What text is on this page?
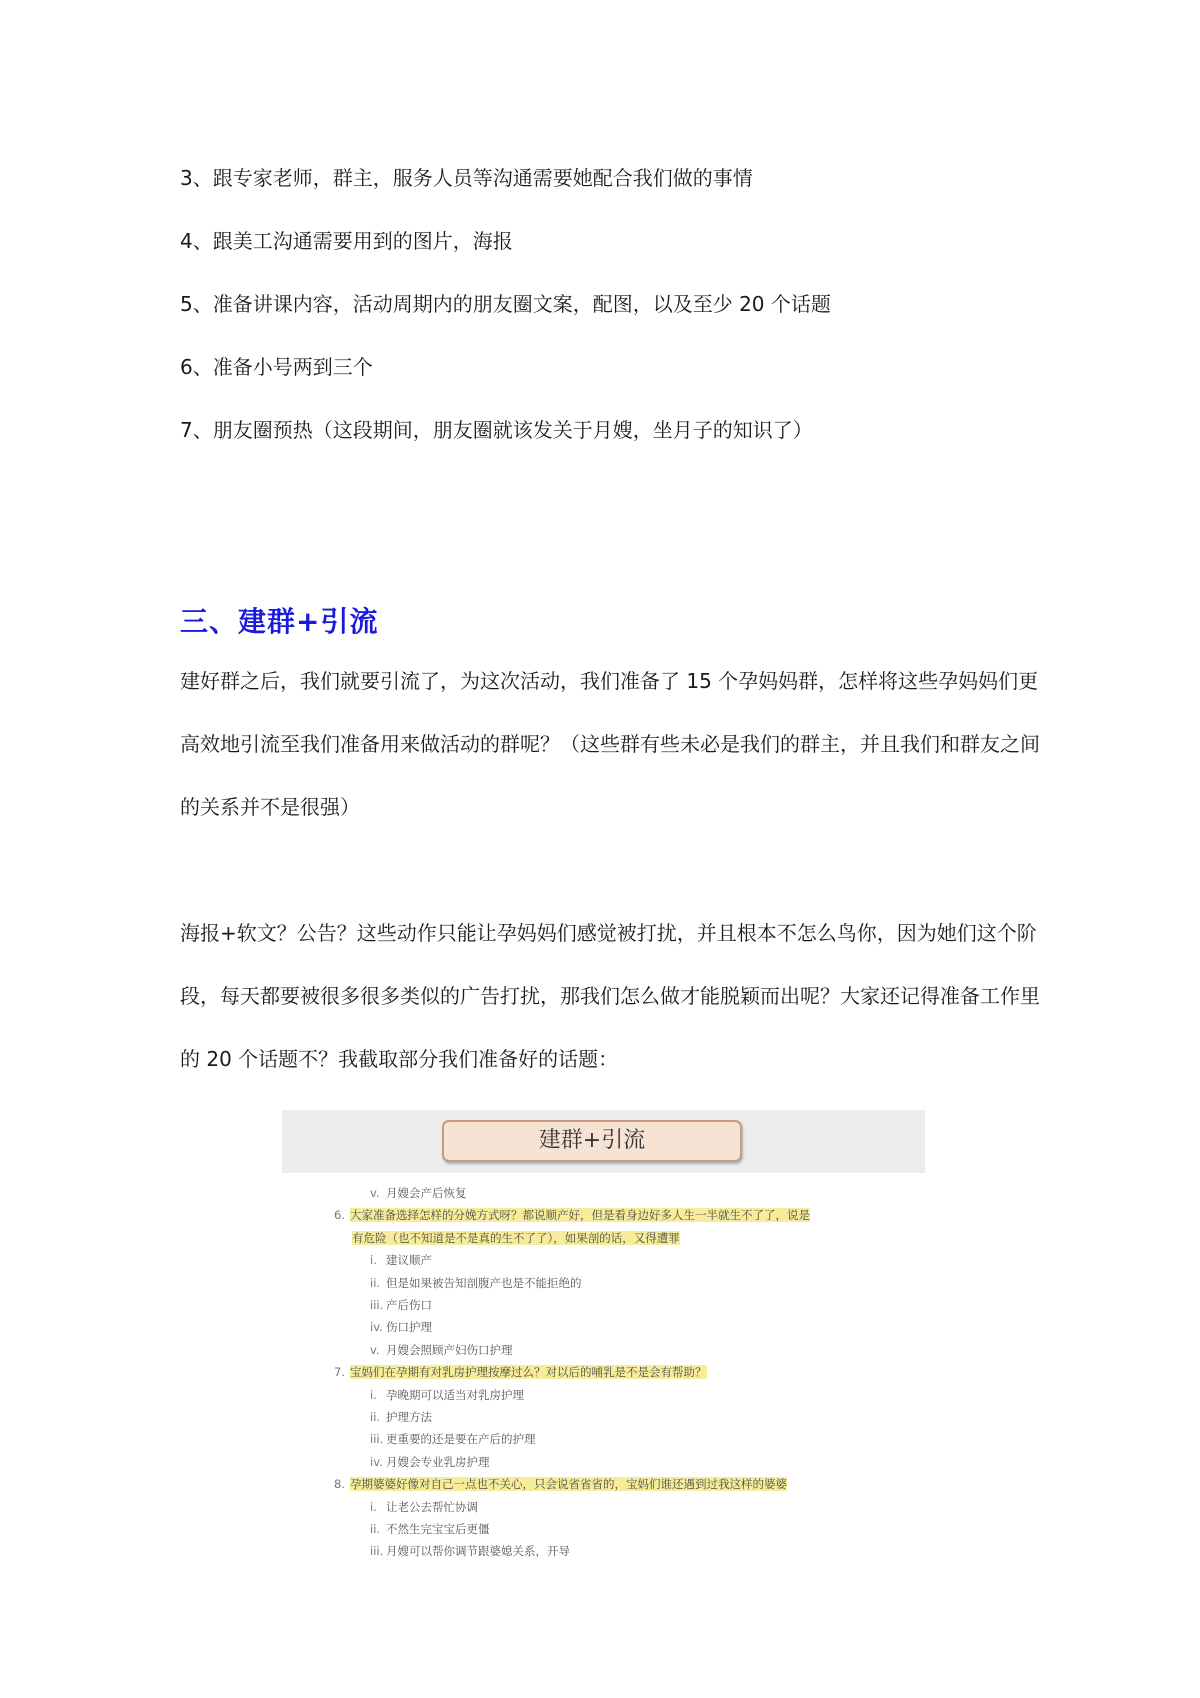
3、跟专家老师，群主，服务人员等沟通需要她配合我们做的事情
4、跟美工沟通需要用到的图片，海报
5、准备讲课内容，活动周期内的朋友圈文案，配图，以及至少 20 个话题
6、准备小号两到三个
7、朋友圈预热（这段期间，朋友圈就该发关于月嫂，坐月子的知识了）
三、建群+引流
建好群之后，我们就要引流了，为这次活动，我们准备了 15 个孕妈妈群，怎样将这些孕妈妈们更高效地引流至我们准备用来做活动的群呢？（这些群有些未必是我们的群主，并且我们和群友之间的关系并不是很强）
海报+软文？公告？这些动作只能让孕妈妈们感觉被打扰，并且根本不怎么鸟你，因为她们这个阶段，每天都要被很多很多类似的广告打扰，那我们怎么做才能脱颖而出呢？大家还记得准备工作里的 20 个话题不？我截取部分我们准备好的话题：
建群+引流
v. 月嫂会产后恢复
6. 大家准备选择怎样的分娩方式呀？都说顺产好，但是看身边好多人生一半就生不了了，说是
有危险（也不知道是不是真的生不了了），如果剖的话，又得遭罪
i. 建议顺产
ii. 但是如果被告知剖腹产也是不能拒绝的
iii. 产后伤口
iv. 伤口护理
v. 月嫂会照顾产妇伤口护理
7. 宝妈们在孕期有对乳房护理按摩过么？对以后的哺乳是不是会有帮助？
i. 孕晚期可以适当对乳房护理
ii. 护理方法
iii. 更重要的还是要在产后的护理
iv. 月嫂会专业乳房护理
8. 孕期婆婆好像对自己一点也不关心，只会说省省省的，宝妈们谁还遇到过我这样的婆婆
i. 让老公去帮忙协调
ii. 不然生完宝宝后更僵
iii. 月嫂可以帮你调节跟婆媳关系，开导
